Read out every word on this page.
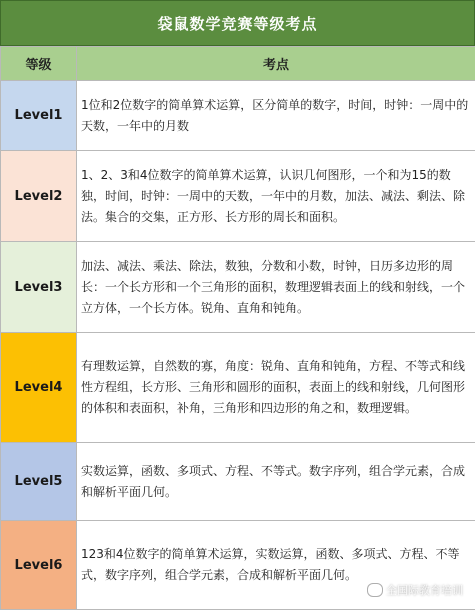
袋鼠数学竞赛等级考点
等级	考点
Level1	1位和2位数字的简单算术运算，区分简单的数字，时间，时钟：一周中的天数，一年中的月数
Level2	1、2、3和4位数字的简单算术运算，认识几何图形，一个和为15的数独，时间，时钟：一周中的天数，一年中的月数，加法、减法、剩法、除法。集合的交集，正方形、长方形的周长和面积。
Level3	加法、减法、乘法、除法，数独，分数和小数，时钟，日历多边形的周长：一个长方形和一个三角形的面积，数理逻辑表面上的线和射线，一个立方体，一个长方体。锐角、直角和钝角。
Level4	有理数运算，自然数的寡，角度：锐角、直角和钝角，方程、不等式和线性方程组，长方形、三角形和圆形的面积，表面上的线和射线，几何图形的体积和表面积，补角，三角形和四边形的角之和，数理逻辑。
Level5	实数运算，函数、多项式、方程、不等式。数字序列，组合学元素，合成和解析平面几何。
Level6	123和4位数字的简单算术运算，实数运算，函数、多项式、方程、不等式，数字序列，组合学元素，合成和解析平面几何。
全国际教育培训
